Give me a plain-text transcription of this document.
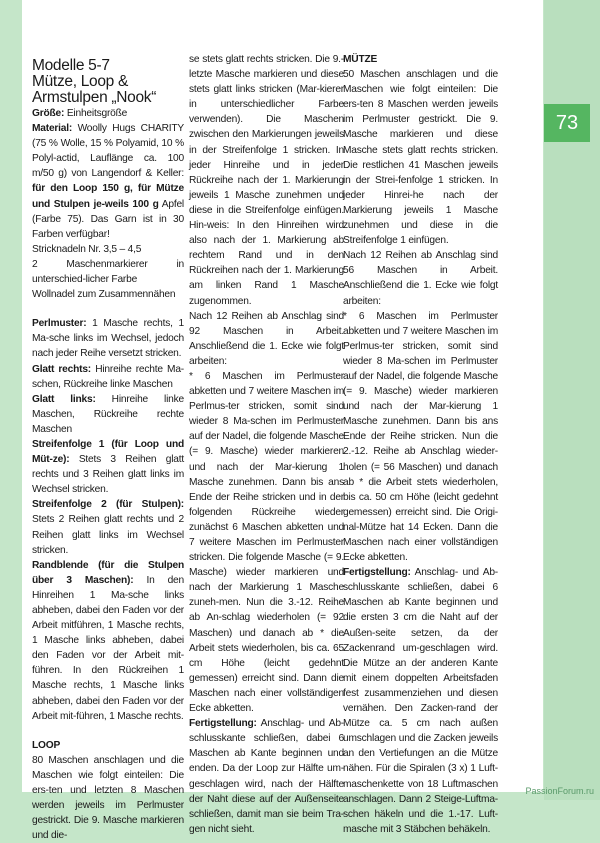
Modelle 5-7

Mütze, Loop &

Armstulpen „Nook“

Größe: Einheitsgröße

Material: Woolly Hugs CHARITY (75 % Wolle, 15 % Polyamid, 10 % Polyl-actid, Lauflänge ca. 100 m/50 g) von Langendorf & Keller: für den Loop 150 g, für Mütze und Stulpen je-weils 100 g Apfel (Farbe 75). Das Garn ist in 30 Farben verfügbar!

Stricknadeln Nr. 3,5 – 4,5

2 Maschenmarkierer in unterschied-licher Farbe

Wollnadel zum Zusammennähen

Perlmuster: 1 Masche rechts, 1 Ma-sche links im Wechsel, jedoch nach jeder Reihe versetzt stricken.

Glatt rechts: Hinreihe rechte Ma-schen, Rückreihe linke Maschen

Glatt links: Hinreihe linke Maschen, Rückreihe rechte Maschen

Streifenfolge 1 (für Loop und Müt-ze): Stets 3 Reihen glatt rechts und 3 Reihen glatt links im Wechsel stricken.

Streifenfolge 2 (für Stulpen): Stets 2 Reihen glatt rechts und 2 Reihen glatt links im Wechsel stricken.

Randblende (für die Stulpen über 3 Maschen): In den Hinreihen 1 Ma-sche links abheben, dabei den Faden vor der Arbeit mitführen, 1 Masche rechts, 1 Masche links abheben, dabei den Faden vor der Arbeit mit-führen. In den Rückreihen 1 Masche rechts, 1 Masche links abheben, dabei den Faden vor der Arbeit mit-führen, 1 Masche rechts.

LOOP

80 Maschen anschlagen und die Maschen wie folgt einteilen: Die ers-ten und letzten 8 Maschen werden jeweils im Perlmuster gestrickt. Die 9. Masche markieren und die-

se stets glatt rechts stricken. Die 9.-letzte Masche markieren und diese stets glatt links stricken (Mar-kierer in unterschiedlicher Farbe verwenden). Die Maschen zwischen den Markierungen jeweils in der Streifenfolge 1 stricken. In jeder Hinreihe und in jeder Rückreihe nach der 1. Markierung jeweils 1 Masche zunehmen und diese in die Streifenfolge einfügen. Hin-weis: In den Hinreihen wird also nach der 1. Markierung ab rechtem Rand und in den Rückreihen nach der 1. Markierung am linken Rand 1 Masche zugenommen.

Nach 12 Reihen ab Anschlag sind 92 Maschen in Arbeit. Anschließend die 1. Ecke wie folgt arbeiten:

* 6 Maschen im Perlmuster abketten und 7 weitere Maschen im Perlmus-ter stricken, somit sind wieder 8 Ma-schen im Perlmuster auf der Nadel, die folgende Masche (= 9. Masche) wieder markieren und nach der Mar-kierung 1 Masche zunehmen. Dann bis ans Ende der Reihe stricken und in der folgenden Rückreihe wieder zunächst 6 Maschen abketten und 7 weitere Maschen im Perlmuster stricken. Die folgende Masche (= 9. Masche) wieder markieren und nach der Markierung 1 Masche zuneh-men. Nun die 3.-12. Reihe ab An-schlag wiederholen (= 92 Maschen) und danach ab * die Arbeit stets wiederholen, bis ca. 65 cm Höhe (leicht gedehnt gemessen) erreicht sind. Dann die Maschen nach einer vollständigen Ecke abketten.

Fertigstellung: Anschlag- und Ab-schlusskante schließen, dabei 6 Maschen ab Kante beginnen und enden. Da der Loop zur Hälfte um-geschlagen wird, nach der Hälfte der Naht diese auf der Außenseite schließen, damit man sie beim Tra-gen nicht sieht.

MÜTZE

50 Maschen anschlagen und die Maschen wie folgt einteilen: Die ers-ten 8 Maschen werden jeweils im Perlmuster gestrickt. Die 9. Masche markieren und diese Masche stets glatt rechts stricken. Die restlichen 41 Maschen jeweils in der Strei-fenfolge 1 stricken. In jeder Hinrei-he nach der Markierung jeweils 1 Masche zunehmen und diese in die Streifenfolge 1 einfügen.

Nach 12 Reihen ab Anschlag sind 56 Maschen in Arbeit. Anschließend die 1. Ecke wie folgt arbeiten:

* 6 Maschen im Perlmuster abketten und 7 weitere Maschen im Perlmus-ter stricken, somit sind wieder 8 Ma-schen im Perlmuster auf der Nadel, die folgende Masche (= 9. Masche) wieder markieren und nach der Mar-kierung 1 Masche zunehmen. Dann bis ans Ende der Reihe stricken. Nun die 2.-12. Reihe ab Anschlag wieder-holen (= 56 Maschen) und danach ab * die Arbeit stets wiederholen, bis ca. 50 cm Höhe (leicht gedehnt gemessen) erreicht sind. Die Origi-nal-Mütze hat 14 Ecken. Dann die Maschen nach einer vollständigen Ecke abketten.

Fertigstellung: Anschlag- und Ab-schlusskante schließen, dabei 6 Maschen ab Kante beginnen und die ersten 3 cm die Naht auf der Außen-seite setzen, da der Zackenrand um-geschlagen wird. Die Mütze an der anderen Kante mit einem doppelten Arbeitsfaden fest zusammenziehen und diesen vernähen. Den Zacken-rand der Mütze ca. 5 cm nach außen umschlagen und die Zacken jeweils an den Vertiefungen an die Mütze nähen. Für die Spiralen (3 x) 1 Luft-maschenkette von 18 Luftmaschen anschlagen. Dann 2 Steige-Luftma-schen häkeln und die 1.-17. Luft-masche mit 3 Stäbchen behäkeln.

73
PassionForum.ru
